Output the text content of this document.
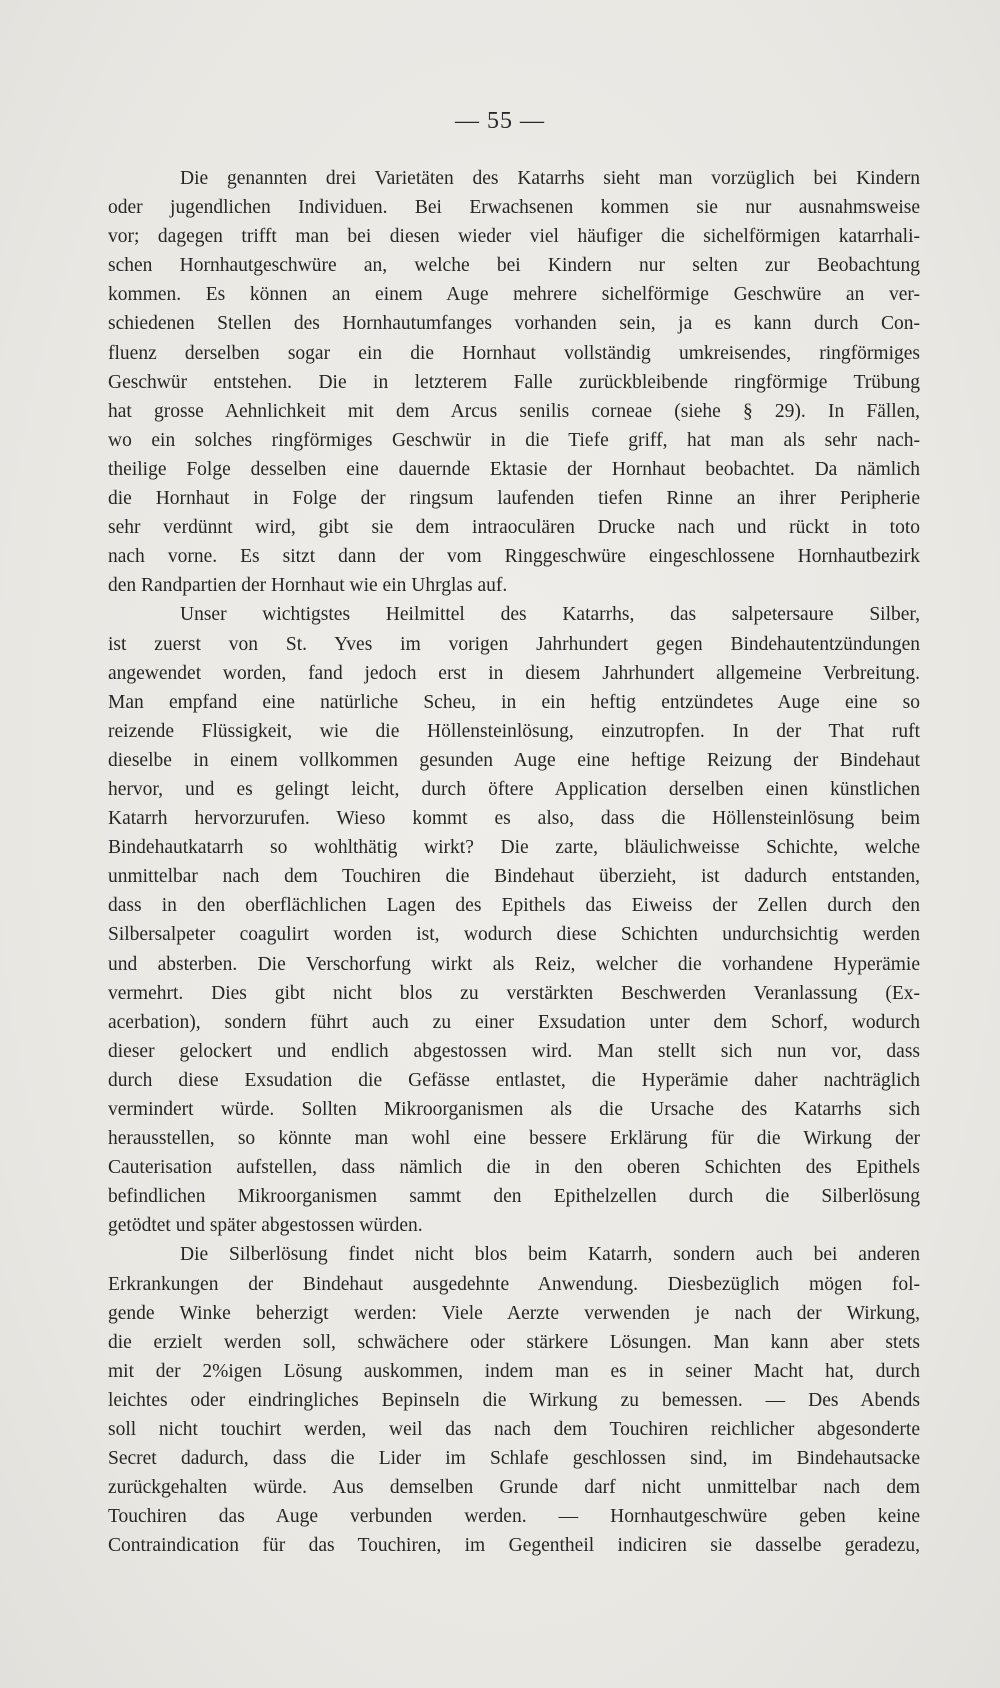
— 55 —
Die genannten drei Varietäten des Katarrhs sieht man vorzüglich bei Kindern
oder jugendlichen Individuen. Bei Erwachsenen kommen sie nur ausnahmsweise
vor; dagegen trifft man bei diesen wieder viel häufiger die sichelförmigen katarrhali-
schen Hornhautgeschwüre an, welche bei Kindern nur selten zur Beobachtung
kommen. Es können an einem Auge mehrere sichelförmige Geschwüre an ver-
schiedenen Stellen des Hornhautumfanges vorhanden sein, ja es kann durch Con-
fluenz derselben sogar ein die Hornhaut vollständig umkreisendes, ringförmiges
Geschwür entstehen. Die in letzterem Falle zurückbleibende ringförmige Trübung
hat grosse Aehnlichkeit mit dem Arcus senilis corneae (siehe § 29). In Fällen,
wo ein solches ringförmiges Geschwür in die Tiefe griff, hat man als sehr nach-
theilige Folge desselben eine dauernde Ektasie der Hornhaut beobachtet. Da nämlich
die Hornhaut in Folge der ringsum laufenden tiefen Rinne an ihrer Peripherie
sehr verdünnt wird, gibt sie dem intraoculären Drucke nach und rückt in toto
nach vorne. Es sitzt dann der vom Ringgeschwüre eingeschlossene Hornhautbezirk
den Randpartien der Hornhaut wie ein Uhrglas auf.
Unser wichtigstes Heilmittel des Katarrhs, das salpetersaure Silber,
ist zuerst von St. Yves im vorigen Jahrhundert gegen Bindehautentzündungen
angewendet worden, fand jedoch erst in diesem Jahrhundert allgemeine Verbreitung.
Man empfand eine natürliche Scheu, in ein heftig entzündetes Auge eine so
reizende Flüssigkeit, wie die Höllensteinlösung, einzutropfen. In der That ruft
dieselbe in einem vollkommen gesunden Auge eine heftige Reizung der Bindehaut
hervor, und es gelingt leicht, durch öftere Application derselben einen künstlichen
Katarrh hervorzurufen. Wieso kommt es also, dass die Höllensteinlösung beim
Bindehautkatarrh so wohlthätig wirkt? Die zarte, bläulichweisse Schichte, welche
unmittelbar nach dem Touchiren die Bindehaut überzieht, ist dadurch entstanden,
dass in den oberflächlichen Lagen des Epithels das Eiweiss der Zellen durch den
Silbersalpeter coagulirt worden ist, wodurch diese Schichten undurchsichtig werden
und absterben. Die Verschorfung wirkt als Reiz, welcher die vorhandene Hyperämie
vermehrt. Dies gibt nicht blos zu verstärkten Beschwerden Veranlassung (Ex-
acerbation), sondern führt auch zu einer Exsudation unter dem Schorf, wodurch
dieser gelockert und endlich abgestossen wird. Man stellt sich nun vor, dass
durch diese Exsudation die Gefässe entlastet, die Hyperämie daher nachträglich
vermindert würde. Sollten Mikroorganismen als die Ursache des Katarrhs sich
herausstellen, so könnte man wohl eine bessere Erklärung für die Wirkung der
Cauterisation aufstellen, dass nämlich die in den oberen Schichten des Epithels
befindlichen Mikroorganismen sammt den Epithelzellen durch die Silberlösung
getödtet und später abgestossen würden.
Die Silberlösung findet nicht blos beim Katarrh, sondern auch bei anderen
Erkrankungen der Bindehaut ausgedehnte Anwendung. Diesbezüglich mögen fol-
gende Winke beherzigt werden: Viele Aerzte verwenden je nach der Wirkung,
die erzielt werden soll, schwächere oder stärkere Lösungen. Man kann aber stets
mit der 2%igen Lösung auskommen, indem man es in seiner Macht hat, durch
leichtes oder eindringliches Bepinseln die Wirkung zu bemessen. — Des Abends
soll nicht touchirt werden, weil das nach dem Touchiren reichlicher abgesonderte
Secret dadurch, dass die Lider im Schlafe geschlossen sind, im Bindehautsacke
zurückgehalten würde. Aus demselben Grunde darf nicht unmittelbar nach dem
Touchiren das Auge verbunden werden. — Hornhautgeschwüre geben keine
Contraindication für das Touchiren, im Gegentheil indiciren sie dasselbe geradezu,
